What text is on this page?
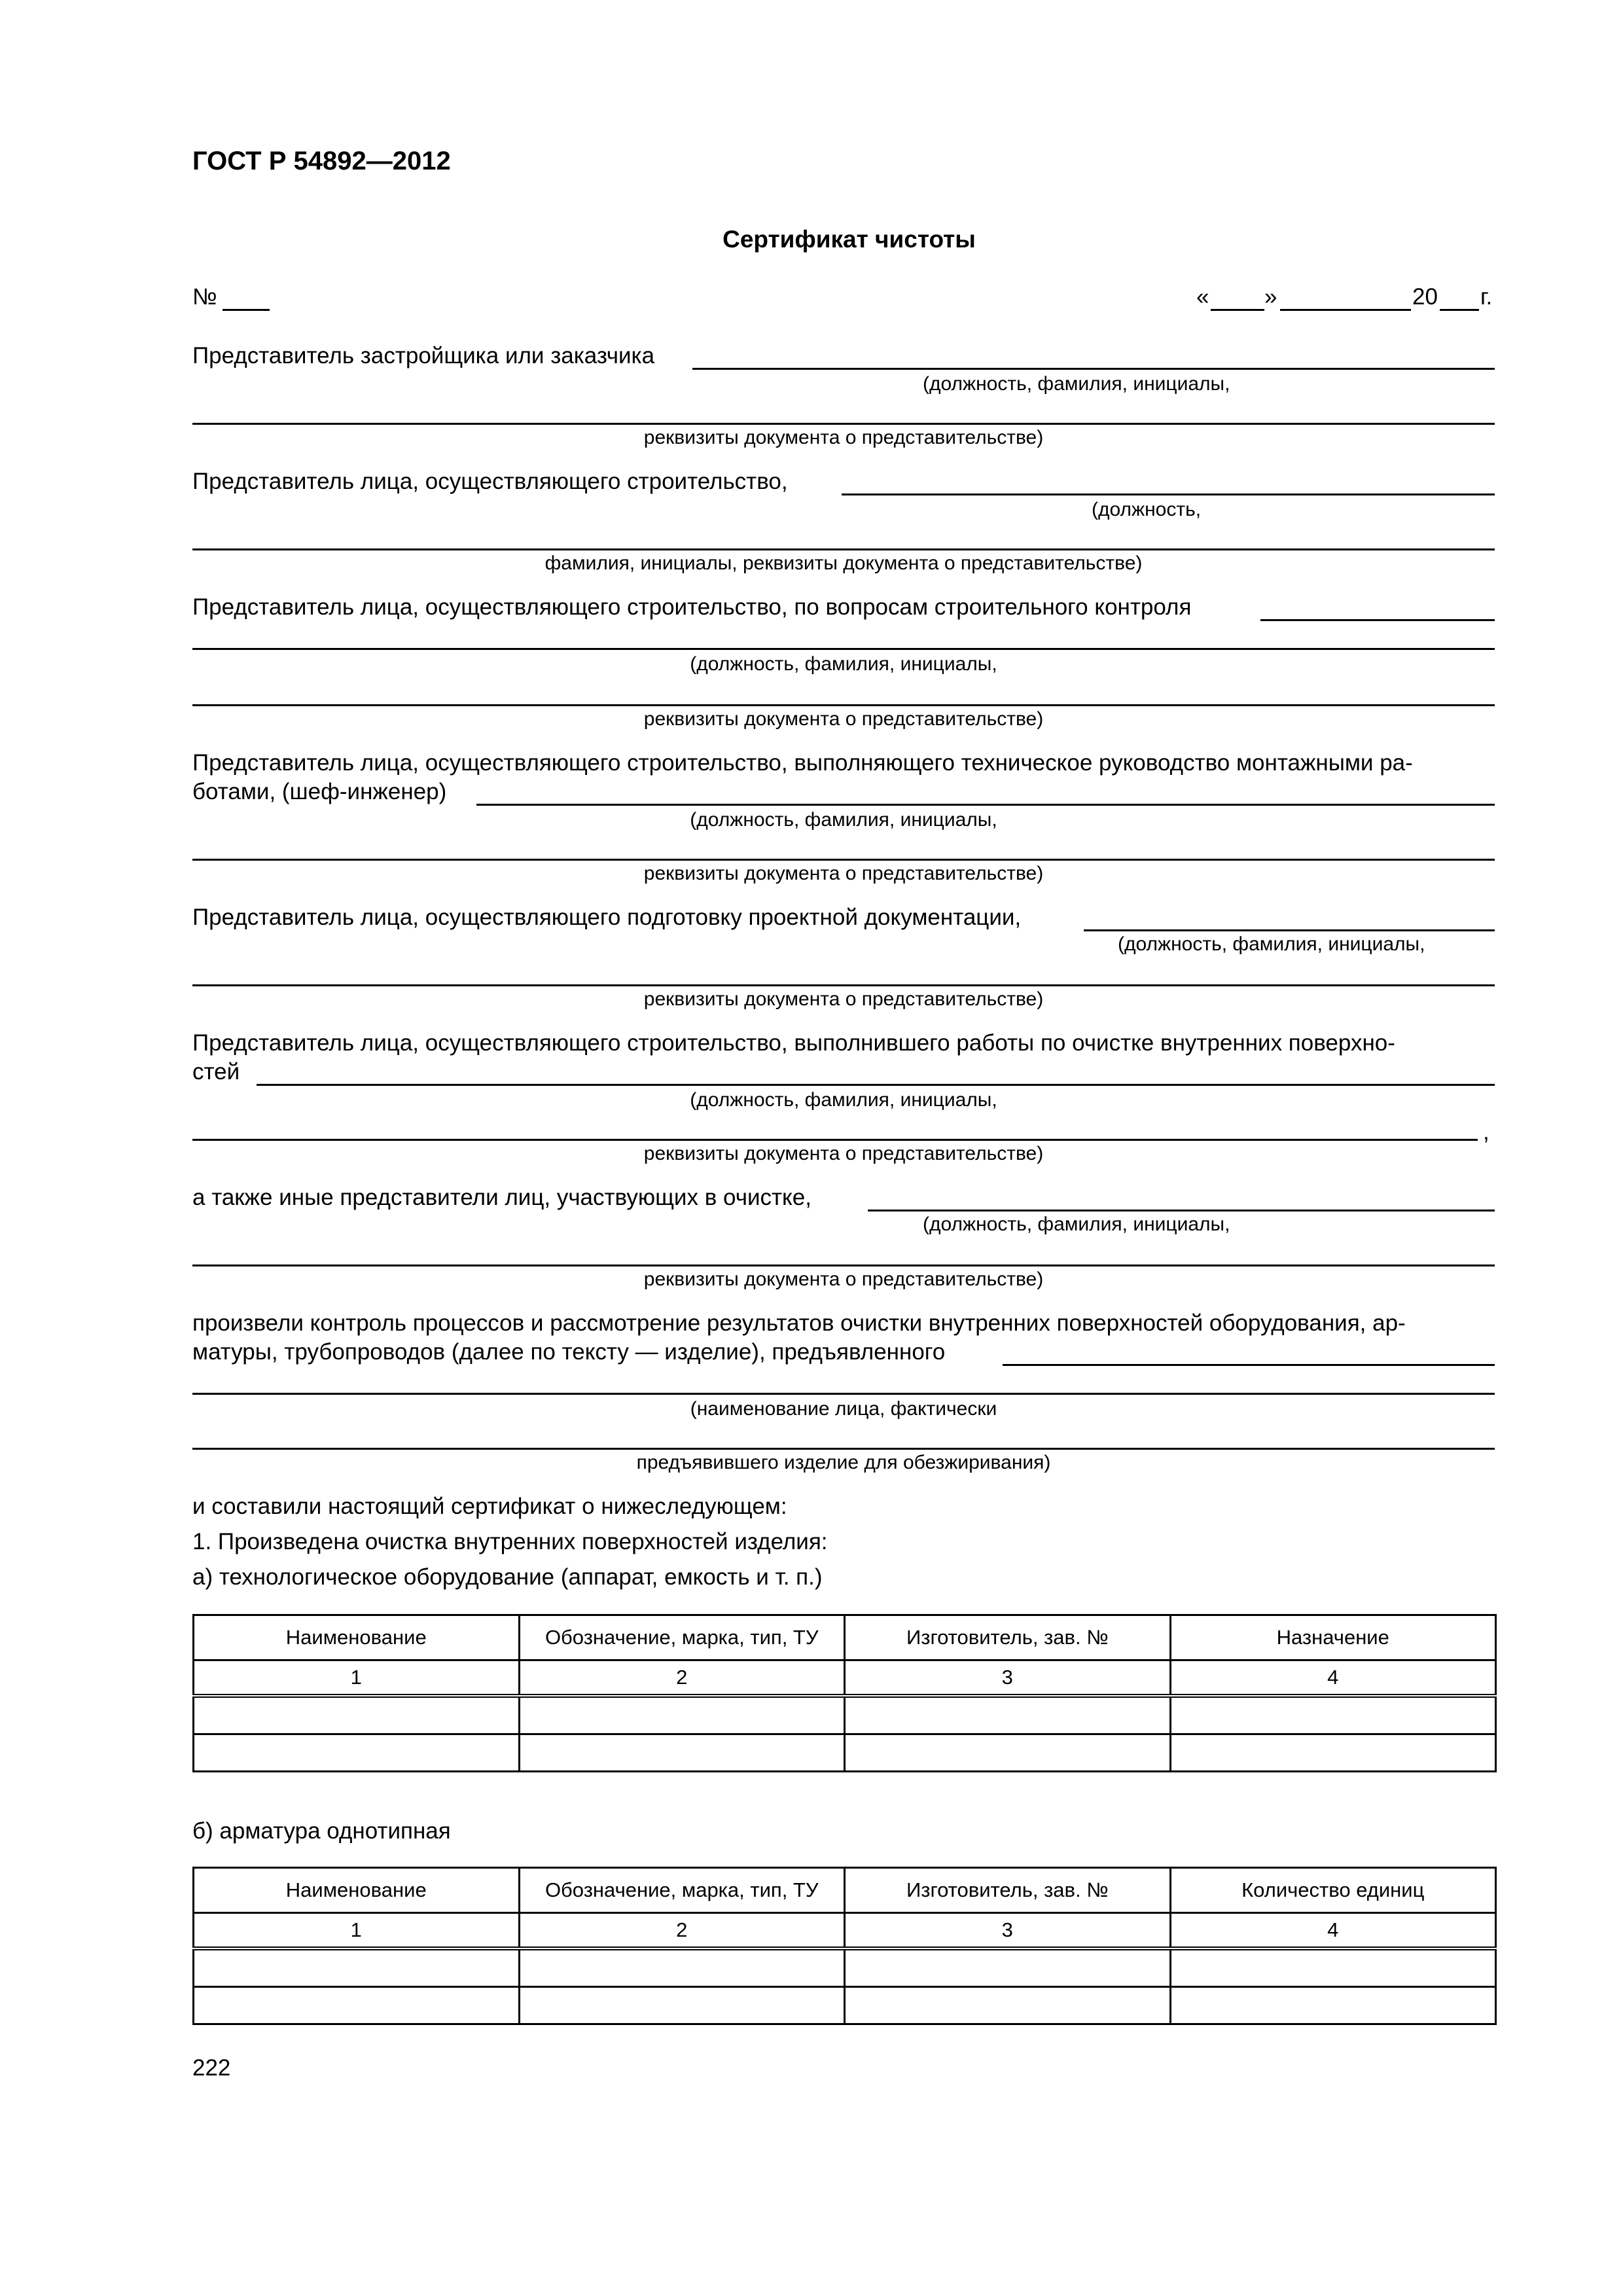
ГОСТ Р 54892—2012
Сертификат чистоты
№	« »	20 г.
Представитель застройщика или заказчика
(должность, фамилия, инициалы,
реквизиты документа о представительстве)
Представитель лица, осуществляющего строительство,
(должность,
фамилия, инициалы, реквизиты документа о представительстве)
Представитель лица, осуществляющего строительство, по вопросам строительного контроля
(должность, фамилия, инициалы,
реквизиты документа о представительстве)
Представитель лица, осуществляющего строительство, выполняющего техническое руководство монтажными ра-
ботами, (шеф-инженер)
(должность, фамилия, инициалы,
реквизиты документа о представительстве)
Представитель лица, осуществляющего подготовку проектной документации,
(должность, фамилия, инициалы,
реквизиты документа о представительстве)
Представитель лица, осуществляющего строительство, выполнившего работы по очистке внутренних поверхно-
стей
(должность, фамилия, инициалы,
,
реквизиты документа о представительстве)
а также иные представители лиц, участвующих в очистке,
(должность, фамилия, инициалы,
реквизиты документа о представительстве)
произвели контроль процессов и рассмотрение результатов очистки внутренних поверхностей оборудования, ар-
матуры, трубопроводов (далее по тексту — изделие), предъявленного
(наименование лица, фактически
предъявившего изделие для обезжиривания)
и составили настоящий сертификат о нижеследующем:
1. Произведена очистка внутренних поверхностей изделия:
а) технологическое оборудование (аппарат, емкость и т. п.)
Наименование	Обозначение, марка, тип, ТУ	Изготовитель, зав. №	Назначение
1	2	3	4

б) арматура однотипная
Наименование	Обозначение, марка, тип, ТУ	Изготовитель, зав. №	Количество единиц
1	2	3	4

222
